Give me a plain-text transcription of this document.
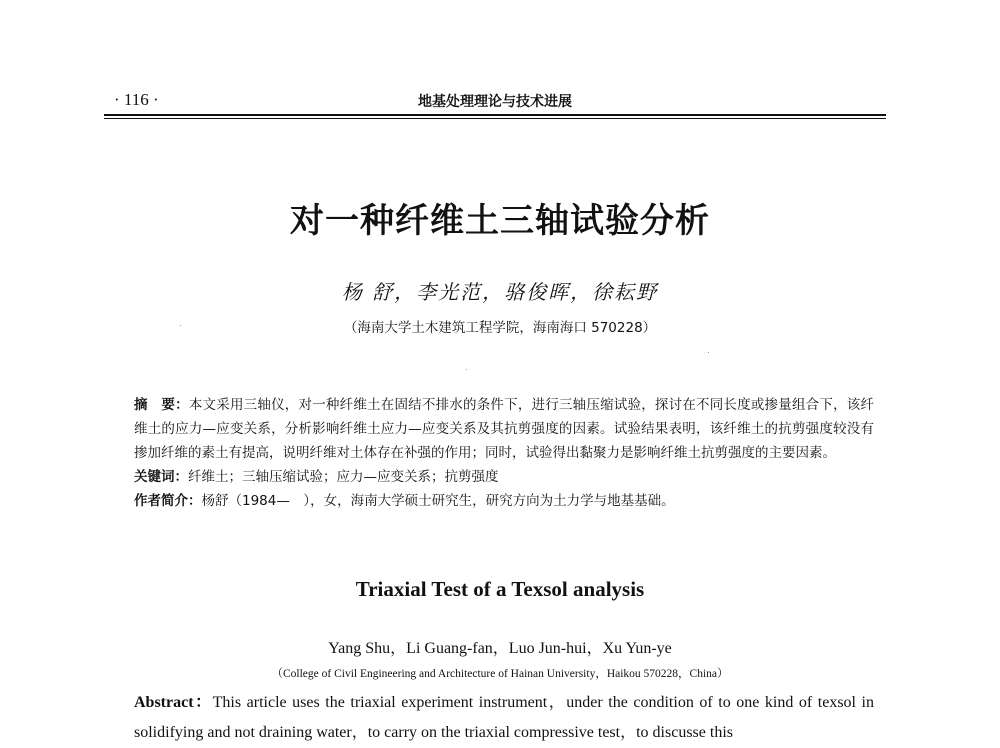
· 116 ·	地基处理理论与技术进展
对一种纤维土三轴试验分析
杨 舒，李光范，骆俊晖，徐耘野
（海南大学土木建筑工程学院，海南海口 570228）

摘　要：本文采用三轴仪，对一种纤维土在固结不排水的条件下，进行三轴压缩试验，探讨在不同长度或掺量组合下，该纤维土的应力—应变关系，分析影响纤维土应力—应变关系及其抗剪强度的因素。试验结果表明，该纤维土的抗剪强度较没有掺加纤维的素土有提高，说明纤维对土体存在补强的作用；同时，试验得出黏聚力是影响纤维土抗剪强度的主要因素。

关键词：纤维土；三轴压缩试验；应力—应变关系；抗剪强度

作者简介：杨舒（1984—　），女，海南大学硕士研究生，研究方向为土力学与地基基础。

Triaxial Test of a Texsol analysis
Yang Shu，Li Guang-fan，Luo Jun-hui，Xu Yun-ye
（College of Civil Engineering and Architecture of Hainan University，Haikou 570228，China）
Abstract：This article uses the triaxial experiment instrument，under the condition of to one kind of texsol in solidifying and not draining water，to carry on the triaxial compressive test，to discusse this
